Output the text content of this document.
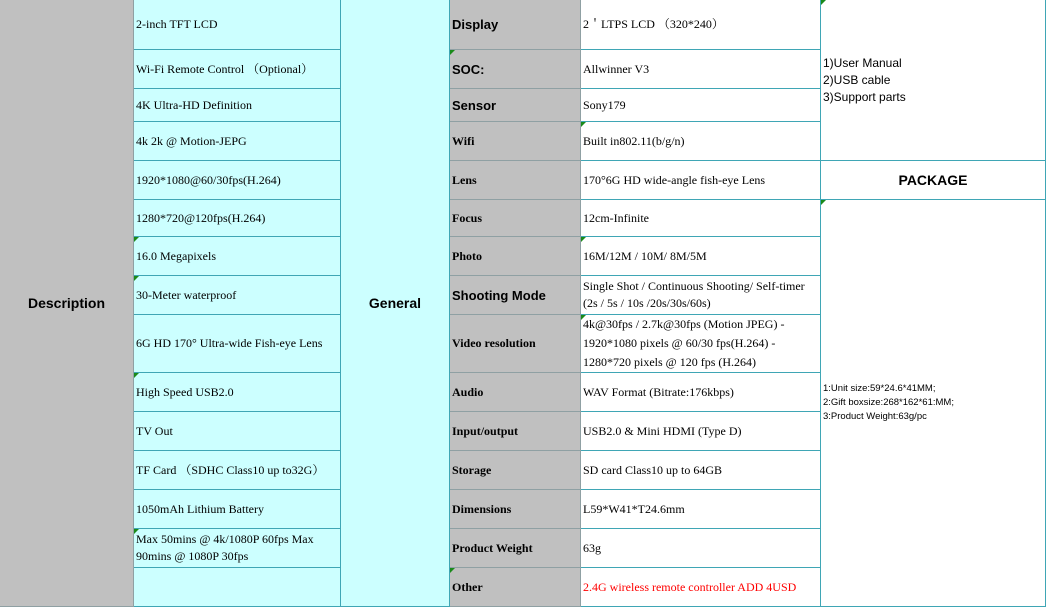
Description
2-inch TFT LCD
Wi-Fi Remote Control （Optional）
4K Ultra-HD Definition
4k 2k @ Motion-JEPG
1920*1080@60/30fps(H.264)
1280*720@120fps(H.264)
16.0 Megapixels
30-Meter waterproof
6G HD 170° Ultra-wide Fish-eye Lens
High Speed USB2.0
TV Out
TF Card （SDHC Class10 up to32G）
1050mAh Lithium Battery
Max 50mins @ 4k/1080P 60fps Max 90mins @ 1080P 30fps
General
Display
SOC:
Sensor
Wifi
Lens
Focus
Photo
Shooting Mode
Video resolution
Audio
Input/output
Storage
Dimensions
Product Weight
Other
2＇LTPS LCD （320*240）
Allwinner V3
Sony179
Built in802.11(b/g/n)
170°6G HD wide-angle fish-eye Lens
12cm-Infinite
16M/12M / 10M/ 8M/5M
Single Shot / Continuous Shooting/ Self-timer (2s / 5s / 10s /20s/30s/60s)
4k@30fps / 2.7k@30fps (Motion JPEG) - 1920*1080 pixels @ 60/30 fps(H.264) - 1280*720 pixels @ 120 fps (H.264)
WAV Format (Bitrate:176kbps)
USB2.0 & Mini HDMI (Type D)
SD card Class10 up to 64GB
L59*W41*T24.6mm
63g
2.4G wireless remote controller ADD 4USD
1)User Manual
2)USB cable
3)Support parts
PACKAGE
1:Unit size:59*24.6*41MM;
2:Gift boxsize:268*162*61:MM;
3:Product Weight:63g/pc
